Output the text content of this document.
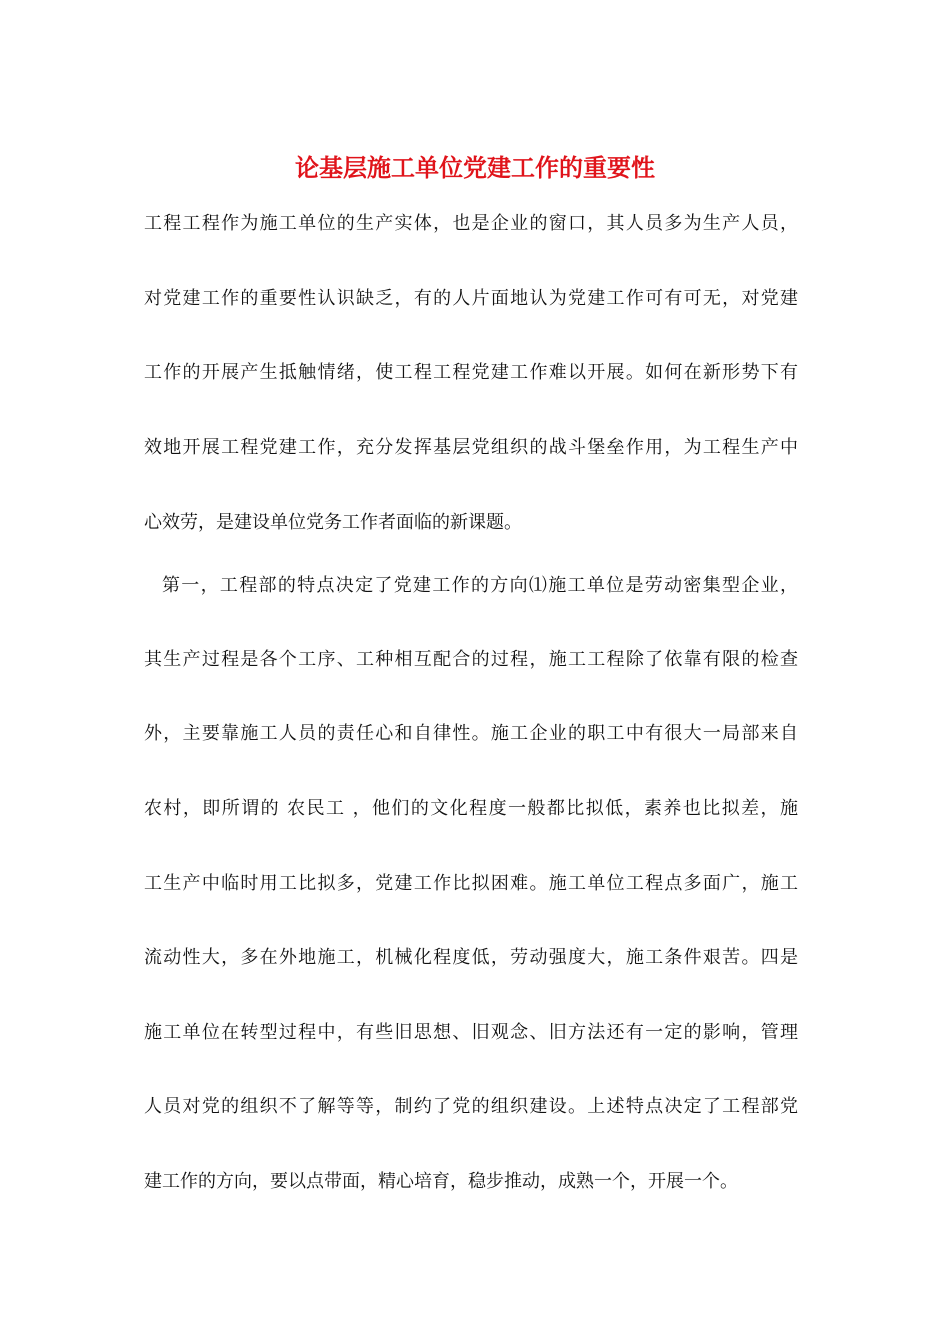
论基层施工单位党建工作的重要性
工程工程作为施工单位的生产实体，也是企业的窗口，其人员多为生产人员，
对党建工作的重要性认识缺乏，有的人片面地认为党建工作可有可无，对党建
工作的开展产生抵触情绪，使工程工程党建工作难以开展。如何在新形势下有
效地开展工程党建工作，充分发挥基层党组织的战斗堡垒作用，为工程生产中
心效劳，是建设单位党务工作者面临的新课题。
第一，工程部的特点决定了党建工作的方向⑴施工单位是劳动密集型企业，
其生产过程是各个工序、工种相互配合的过程，施工工程除了依靠有限的检查
外，主要靠施工人员的责任心和自律性。施工企业的职工中有很大一局部来自
农村，即所谓的 农民工 ，他们的文化程度一般都比拟低，素养也比拟差，施
工生产中临时用工比拟多，党建工作比拟困难。施工单位工程点多面广，施工
流动性大，多在外地施工，机械化程度低，劳动强度大，施工条件艰苦。四是
施工单位在转型过程中，有些旧思想、旧观念、旧方法还有一定的影响，管理
人员对党的组织不了解等等，制约了党的组织建设。上述特点决定了工程部党
建工作的方向，要以点带面，精心培育，稳步推动，成熟一个，开展一个。
